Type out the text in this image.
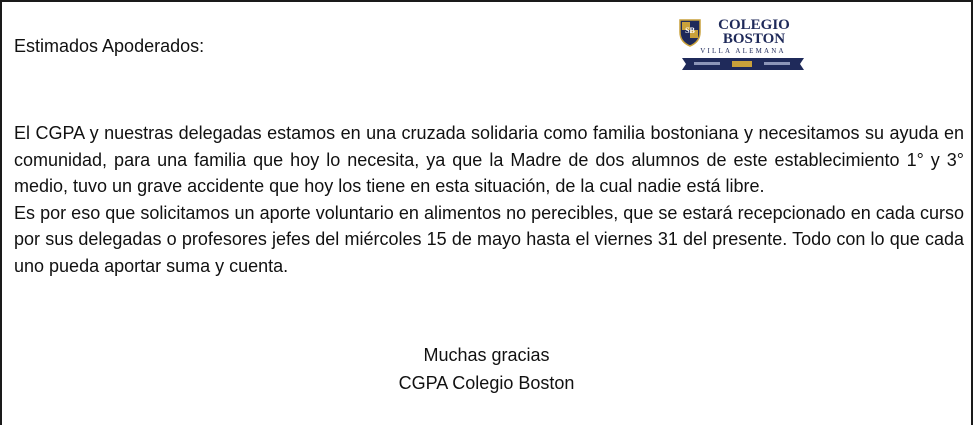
Estimados Apoderados:

SB COLEGIO
BOSTON
VILLA ALEMANA

El CGPA y nuestras delegadas estamos en una cruzada solidaria como familia bostoniana y necesitamos su ayuda en comunidad, para una familia que hoy lo necesita, ya que la Madre de dos alumnos de este establecimiento 1° y 3° medio, tuvo un grave accidente que hoy los tiene en esta situación, de la cual nadie está libre.

Es por eso que solicitamos un aporte voluntario en alimentos no perecibles, que se estará recepcionado en cada curso por sus delegadas o profesores jefes del miércoles 15 de mayo hasta el viernes 31 del presente. Todo con lo que cada uno pueda aportar suma y cuenta.

Muchas gracias
CGPA Colegio Boston
